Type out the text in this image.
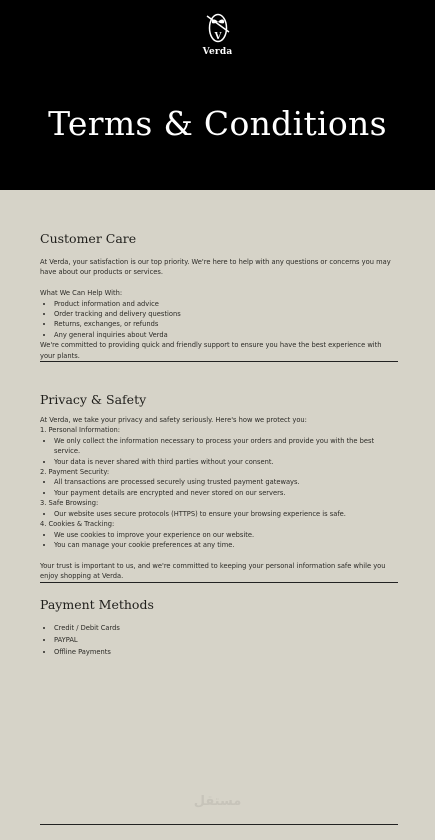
V
Verda
Terms & Conditions
Customer Care

At Verda, your satisfaction is our top priority. We're here to help with any questions or concerns you may have about our products or services.

What We Can Help With:

• Product information and advice
• Order tracking and delivery questions
• Returns, exchanges, or refunds
• Any general inquiries about Verda

We're committed to providing quick and friendly support to ensure you have the best experience with your plants.

Privacy & Safety

At Verda, we take your privacy and safety seriously. Here's how we protect you:

1. Personal Information:

• We only collect the information necessary to process your orders and provide you with the best service.
• Your data is never shared with third parties without your consent.

2. Payment Security:

• All transactions are processed securely using trusted payment gateways.
• Your payment details are encrypted and never stored on our servers.

3. Safe Browsing:

• Our website uses secure protocols (HTTPS) to ensure your browsing experience is safe.

4. Cookies & Tracking:

• We use cookies to improve your experience on our website.
• You can manage your cookie preferences at any time.

Your trust is important to us, and we're committed to keeping your personal information safe while you enjoy shopping at Verda.

Payment Methods
• Credit / Debit Cards
• PAYPAL
• Offline Payments
مستقل
